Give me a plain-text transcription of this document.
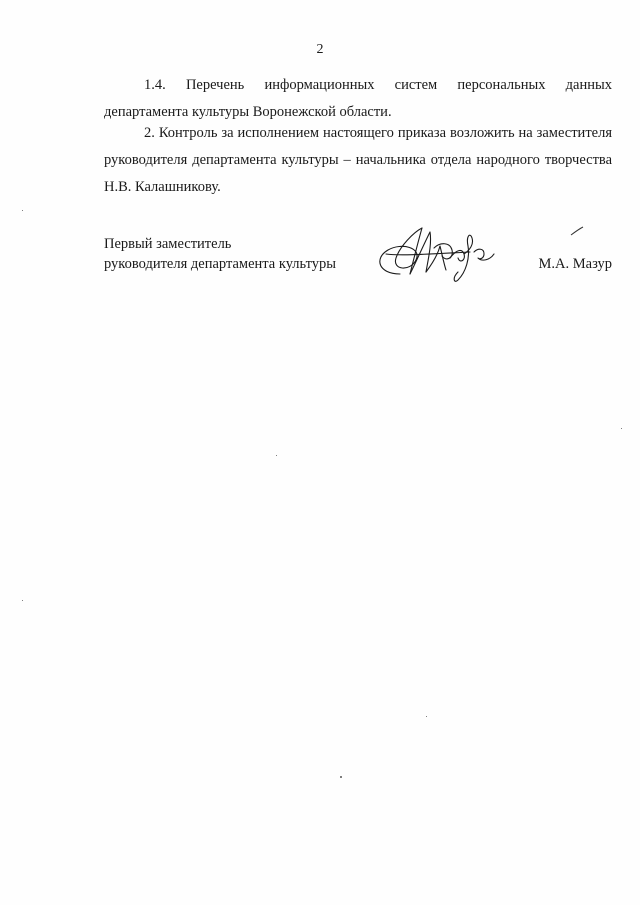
2

1.4. Перечень информационных систем персональных данных департамента культуры Воронежской области.

2. Контроль за исполнением настоящего приказа возложить на заместителя руководителя департамента культуры – начальника отдела народного творчества Н.В. Калашникову.

Первый заместитель
руководителя департамента культуры	М.А. Мазур
